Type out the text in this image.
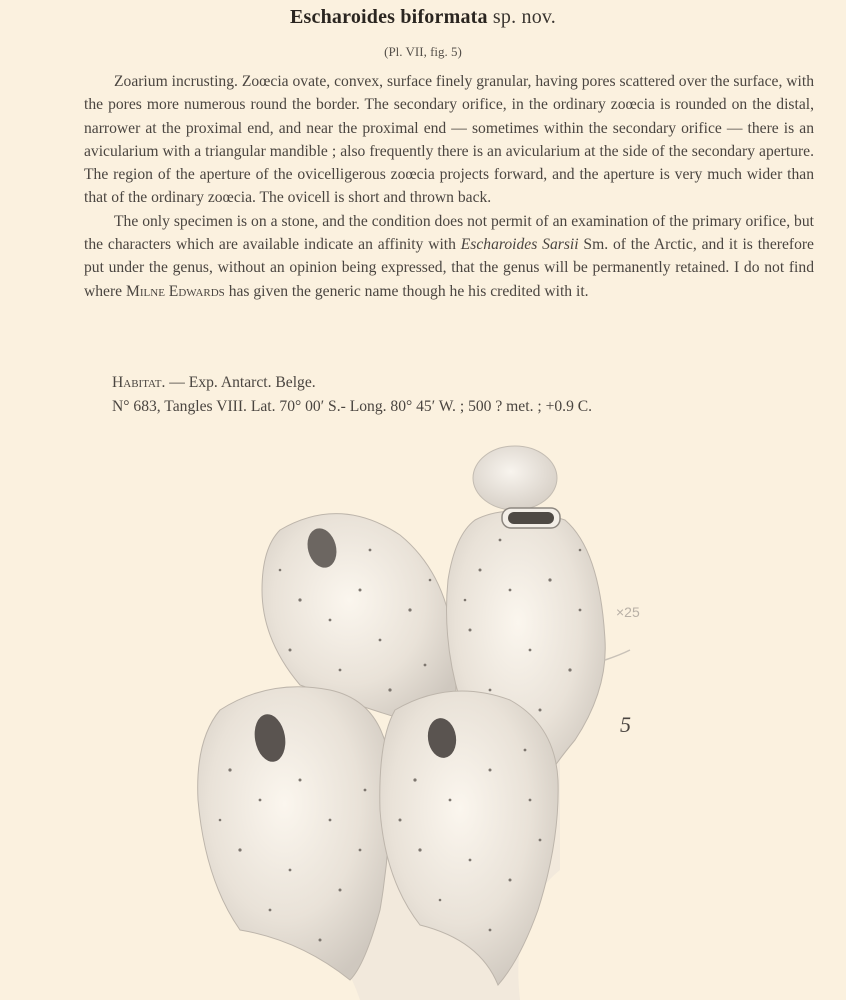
Escharoides biformata sp. nov.
(Pl. VII, fig. 5)

Zoarium incrusting. Zoœcia ovate, convex, surface finely granular, having pores scattered over the surface, with the pores more numerous round the border. The secondary orifice, in the ordinary zoœcia is rounded on the distal, narrower at the proximal end, and near the proximal end — sometimes within the secondary orifice — there is an avicularium with a triangular mandible ; also frequently there is an avicularium at the side of the secondary aperture. The region of the aperture of the ovicelligerous zoœcia projects forward, and the aperture is very much wider than that of the ordinary zoœcia. The ovicell is short and thrown back.

The only specimen is on a stone, and the condition does not permit of an examination of the primary orifice, but the characters which are available indicate an affinity with Escharoides Sarsii Sm. of the Arctic, and it is therefore put under the genus, without an opinion being expressed, that the genus will be permanently retained. I do not find where Milne Edwards has given the generic name though he his credited with it.

Habitat. — Exp. Antarct. Belge.
N° 683, Tangles VIII. Lat. 70° 00′ S.- Long. 80° 45′ W. ; 500 ? met. ; +0.9 C.
×25
5
